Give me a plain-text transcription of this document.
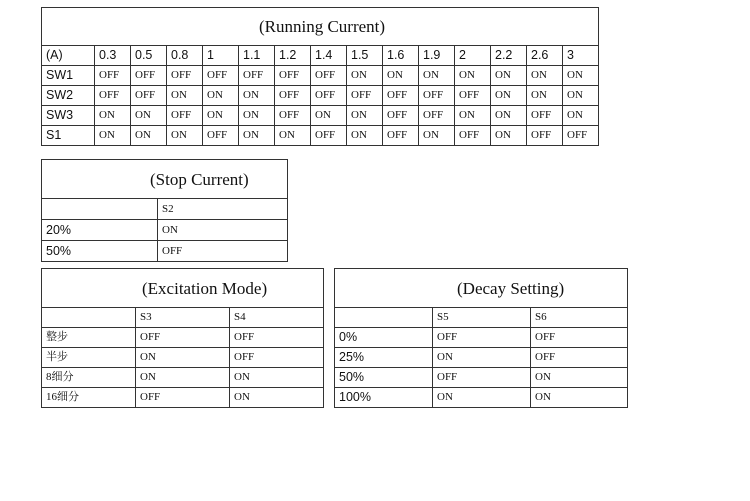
(Running Current)														
(A)	0.3	0.5	0.8	1	1.1	1.2	1.4	1.5	1.6	1.9	2	2.2	2.6	3
SW1	OFF	OFF	OFF	OFF	OFF	OFF	OFF	ON	ON	ON	ON	ON	ON	ON
SW2	OFF	OFF	ON	ON	ON	OFF	OFF	OFF	OFF	OFF	OFF	ON	ON	ON
SW3	ON	ON	OFF	ON	ON	OFF	ON	ON	OFF	OFF	ON	ON	OFF	ON
S1	ON	ON	ON	OFF	ON	ON	OFF	ON	OFF	ON	OFF	ON	OFF	OFF
(Stop Current)	
	S2
20%	ON
50%	OFF
(Excitation Mode)		
	S3	S4
整步	OFF	OFF
半步	ON	OFF
8细分	ON	ON
16细分	OFF	ON
(Decay Setting)		
	S5	S6
0%	OFF	OFF
25%	ON	OFF
50%	OFF	ON
100%	ON	ON
